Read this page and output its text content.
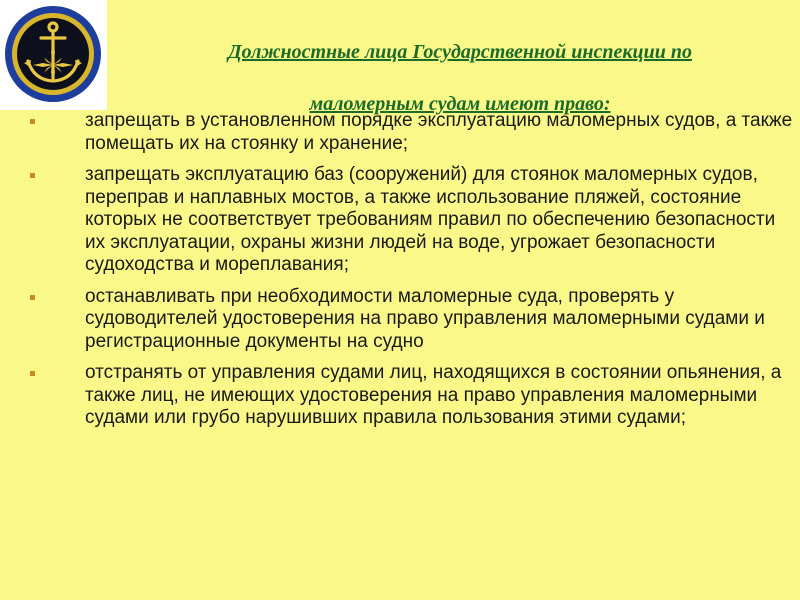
Должностные лица Государственной инспекции по
маломерным судам имеют право:
запрещать в установленном порядке эксплуатацию маломерных судов, а также помещать их на стоянку и хранение;
запрещать эксплуатацию баз (сооружений) для стоянок маломерных судов, переправ и наплавных мостов, а также использование пляжей, состояние которых не соответствует требованиям правил по обеспечению безопасности их эксплуатации, охраны жизни людей на воде, угрожает безопасности судоходства и мореплавания;
останавливать при необходимости маломерные суда, проверять у судоводителей удостоверения на право управления маломерными судами и регистрационные документы на судно
отстранять от управления судами лиц, находящихся в состоянии опьянения, а также лиц, не имеющих удостоверения на право управления маломерными судами или грубо нарушивших правила пользования этими судами;
